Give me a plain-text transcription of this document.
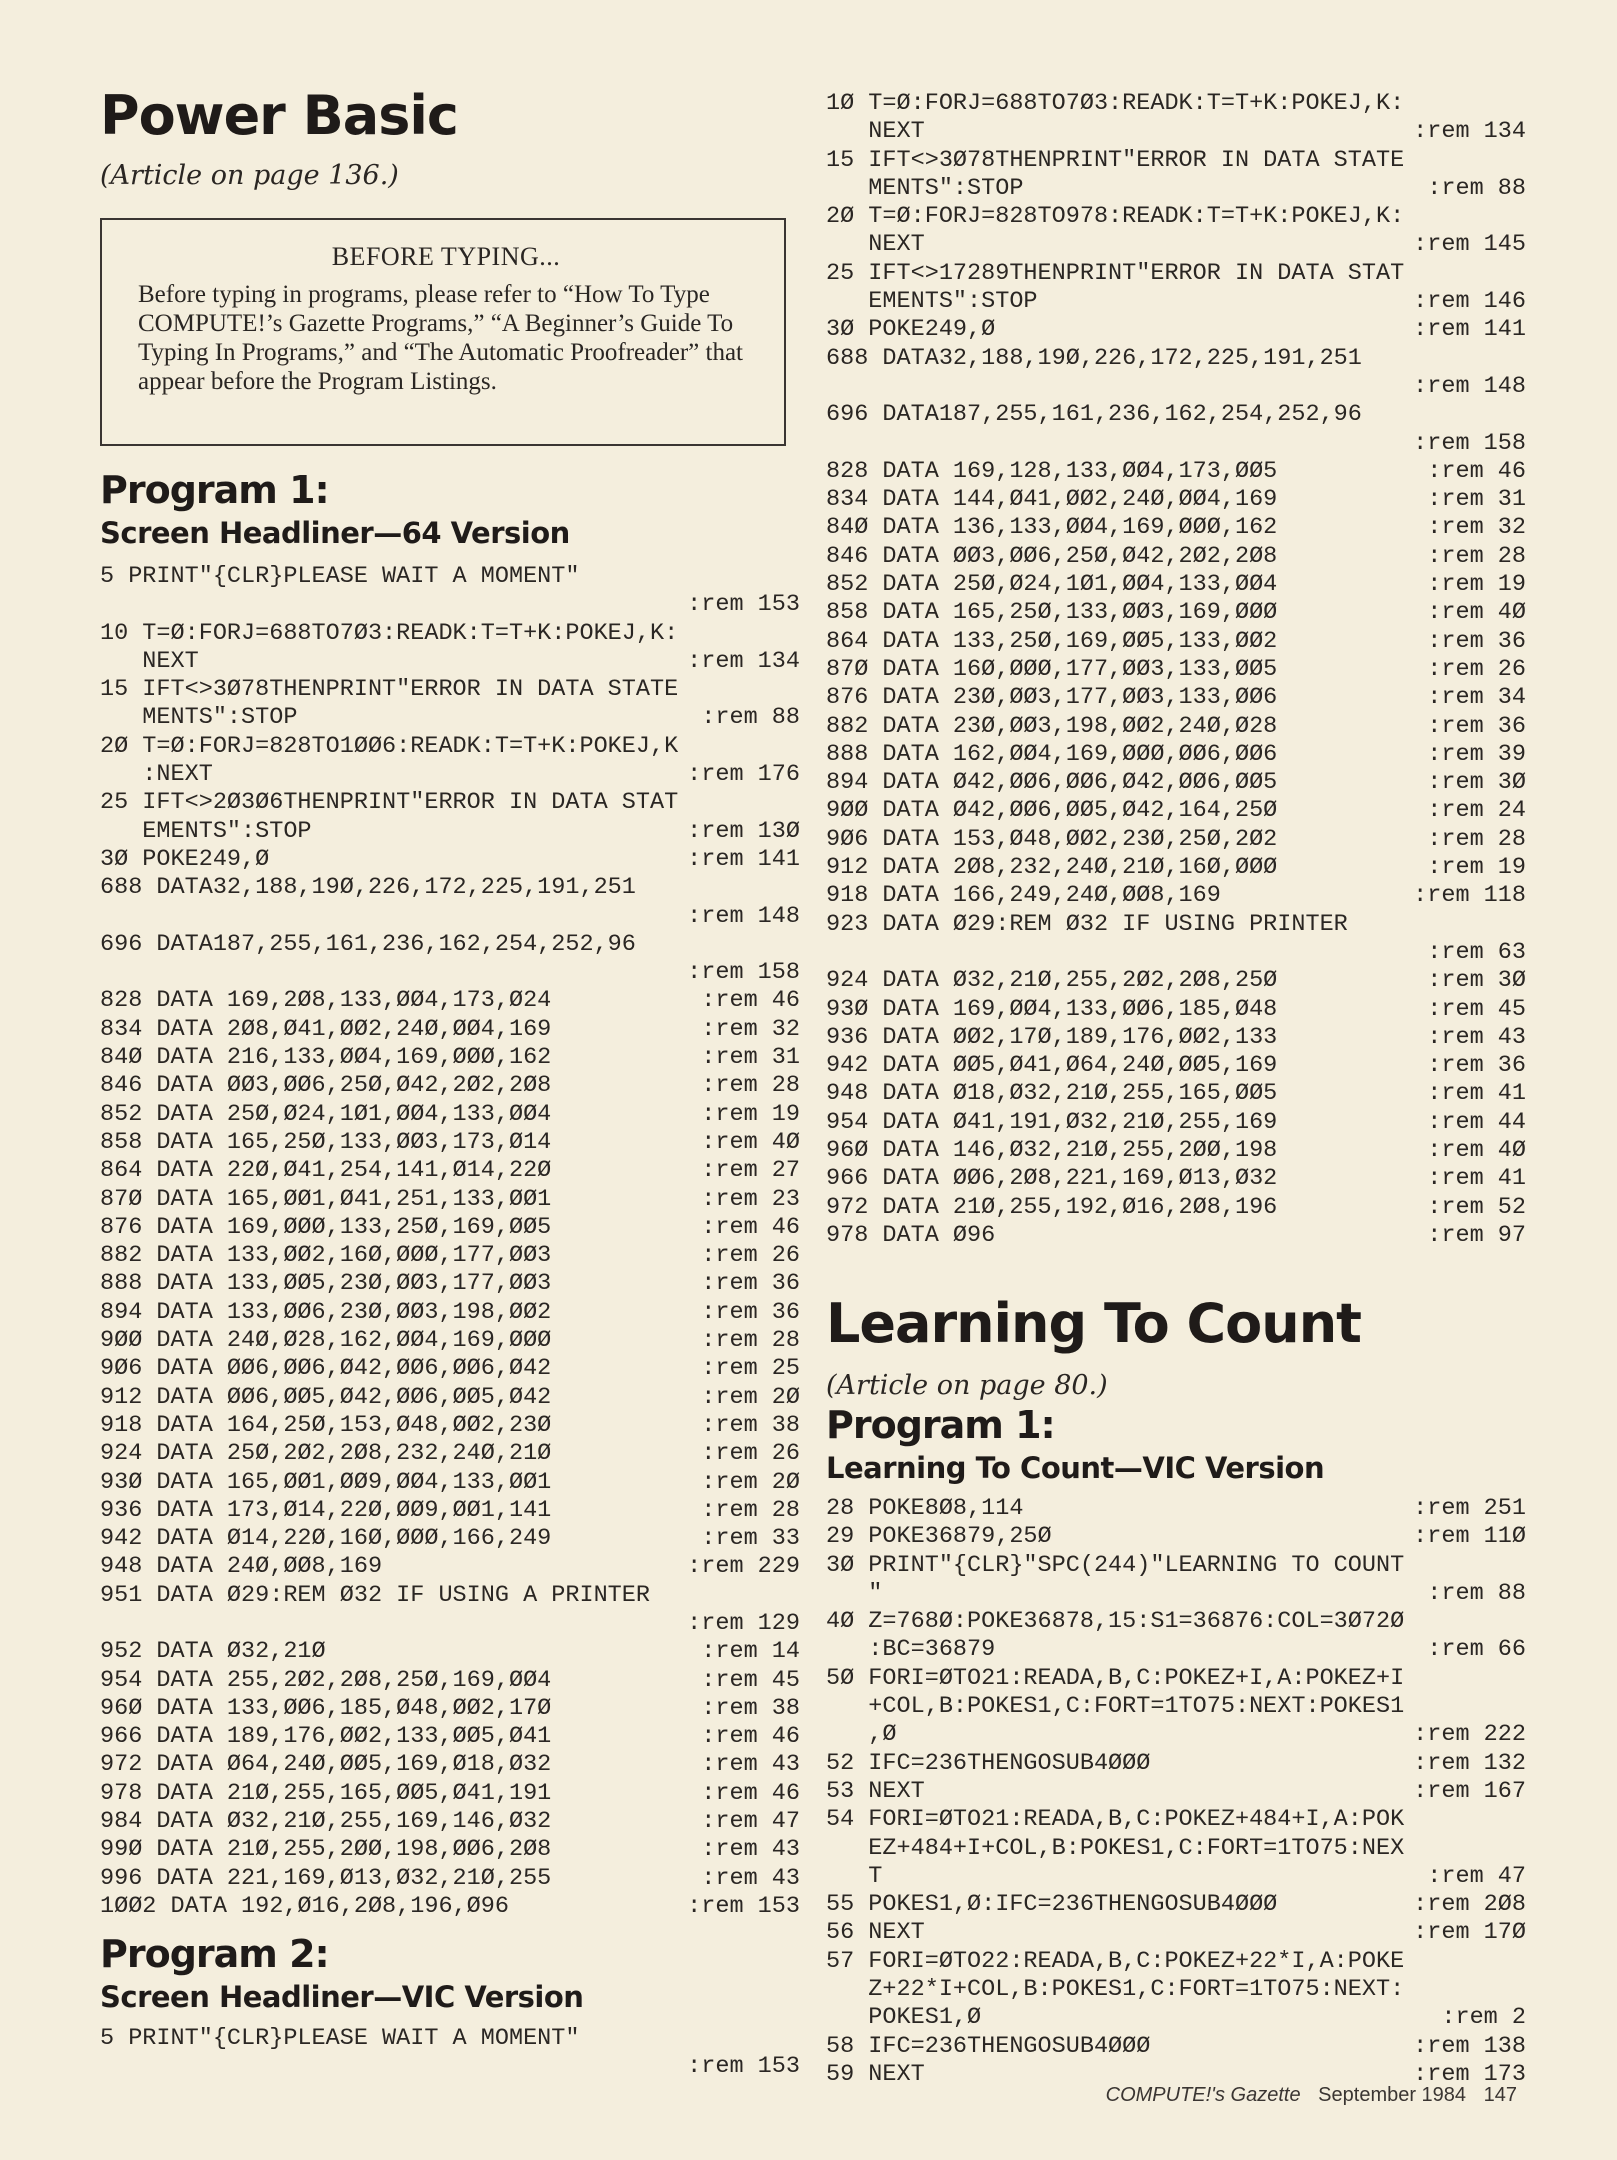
Power Basic

(Article on page 136.)

BEFORE TYPING...

Before typing in programs, please refer to “How To Type COMPUTE!’s Gazette Programs,” “A Beginner’s Guide To Typing In Programs,” and “The Automatic Proofreader” that appear before the Program Listings.

Program 1:
Screen Headliner—64 Version
5 PRINT"{CLR}PLEASE WAIT A MOMENT"
:rem 153
10 T=Ø:FORJ=688TO7Ø3:READK:T=T+K:POKEJ,K:
NEXT	:rem 134
15 IFT<>3Ø78THENPRINT"ERROR IN DATA STATE
MENTS":STOP	:rem 88
2Ø T=Ø:FORJ=828TO1ØØ6:READK:T=T+K:POKEJ,K
:NEXT	:rem 176
25 IFT<>2Ø3Ø6THENPRINT"ERROR IN DATA STAT
EMENTS":STOP	:rem 13Ø
3Ø POKE249,Ø	:rem 141
688 DATA32,188,19Ø,226,172,225,191,251
:rem 148
696 DATA187,255,161,236,162,254,252,96
:rem 158
828 DATA 169,2Ø8,133,ØØ4,173,Ø24	:rem 46
834 DATA 2Ø8,Ø41,ØØ2,24Ø,ØØ4,169	:rem 32
84Ø DATA 216,133,ØØ4,169,ØØØ,162	:rem 31
846 DATA ØØ3,ØØ6,25Ø,Ø42,2Ø2,2Ø8	:rem 28
852 DATA 25Ø,Ø24,1Ø1,ØØ4,133,ØØ4	:rem 19
858 DATA 165,25Ø,133,ØØ3,173,Ø14	:rem 4Ø
864 DATA 22Ø,Ø41,254,141,Ø14,22Ø	:rem 27
87Ø DATA 165,ØØ1,Ø41,251,133,ØØ1	:rem 23
876 DATA 169,ØØØ,133,25Ø,169,ØØ5	:rem 46
882 DATA 133,ØØ2,16Ø,ØØØ,177,ØØ3	:rem 26
888 DATA 133,ØØ5,23Ø,ØØ3,177,ØØ3	:rem 36
894 DATA 133,ØØ6,23Ø,ØØ3,198,ØØ2	:rem 36
9ØØ DATA 24Ø,Ø28,162,ØØ4,169,ØØØ	:rem 28
9Ø6 DATA ØØ6,ØØ6,Ø42,ØØ6,ØØ6,Ø42	:rem 25
912 DATA ØØ6,ØØ5,Ø42,ØØ6,ØØ5,Ø42	:rem 2Ø
918 DATA 164,25Ø,153,Ø48,ØØ2,23Ø	:rem 38
924 DATA 25Ø,2Ø2,2Ø8,232,24Ø,21Ø	:rem 26
93Ø DATA 165,ØØ1,ØØ9,ØØ4,133,ØØ1	:rem 2Ø
936 DATA 173,Ø14,22Ø,ØØ9,ØØ1,141	:rem 28
942 DATA Ø14,22Ø,16Ø,ØØØ,166,249	:rem 33
948 DATA 24Ø,ØØ8,169	:rem 229
951 DATA Ø29:REM Ø32 IF USING A PRINTER
:rem 129
952 DATA Ø32,21Ø	:rem 14
954 DATA 255,2Ø2,2Ø8,25Ø,169,ØØ4	:rem 45
96Ø DATA 133,ØØ6,185,Ø48,ØØ2,17Ø	:rem 38
966 DATA 189,176,ØØ2,133,ØØ5,Ø41	:rem 46
972 DATA Ø64,24Ø,ØØ5,169,Ø18,Ø32	:rem 43
978 DATA 21Ø,255,165,ØØ5,Ø41,191	:rem 46
984 DATA Ø32,21Ø,255,169,146,Ø32	:rem 47
99Ø DATA 21Ø,255,2ØØ,198,ØØ6,2Ø8	:rem 43
996 DATA 221,169,Ø13,Ø32,21Ø,255	:rem 43
1ØØ2 DATA 192,Ø16,2Ø8,196,Ø96	:rem 153
Program 2:
Screen Headliner—VIC Version
5 PRINT"{CLR}PLEASE WAIT A MOMENT"
:rem 153
1Ø T=Ø:FORJ=688TO7Ø3:READK:T=T+K:POKEJ,K:
NEXT	:rem 134
15 IFT<>3Ø78THENPRINT"ERROR IN DATA STATE
MENTS":STOP	:rem 88
2Ø T=Ø:FORJ=828TO978:READK:T=T+K:POKEJ,K:
NEXT	:rem 145
25 IFT<>17289THENPRINT"ERROR IN DATA STAT
EMENTS":STOP	:rem 146
3Ø POKE249,Ø	:rem 141
688 DATA32,188,19Ø,226,172,225,191,251
:rem 148
696 DATA187,255,161,236,162,254,252,96
:rem 158
828 DATA 169,128,133,ØØ4,173,ØØ5	:rem 46
834 DATA 144,Ø41,ØØ2,24Ø,ØØ4,169	:rem 31
84Ø DATA 136,133,ØØ4,169,ØØØ,162	:rem 32
846 DATA ØØ3,ØØ6,25Ø,Ø42,2Ø2,2Ø8	:rem 28
852 DATA 25Ø,Ø24,1Ø1,ØØ4,133,ØØ4	:rem 19
858 DATA 165,25Ø,133,ØØ3,169,ØØØ	:rem 4Ø
864 DATA 133,25Ø,169,ØØ5,133,ØØ2	:rem 36
87Ø DATA 16Ø,ØØØ,177,ØØ3,133,ØØ5	:rem 26
876 DATA 23Ø,ØØ3,177,ØØ3,133,ØØ6	:rem 34
882 DATA 23Ø,ØØ3,198,ØØ2,24Ø,Ø28	:rem 36
888 DATA 162,ØØ4,169,ØØØ,ØØ6,ØØ6	:rem 39
894 DATA Ø42,ØØ6,ØØ6,Ø42,ØØ6,ØØ5	:rem 3Ø
9ØØ DATA Ø42,ØØ6,ØØ5,Ø42,164,25Ø	:rem 24
9Ø6 DATA 153,Ø48,ØØ2,23Ø,25Ø,2Ø2	:rem 28
912 DATA 2Ø8,232,24Ø,21Ø,16Ø,ØØØ	:rem 19
918 DATA 166,249,24Ø,ØØ8,169	:rem 118
923 DATA Ø29:REM Ø32 IF USING PRINTER
:rem 63
924 DATA Ø32,21Ø,255,2Ø2,2Ø8,25Ø	:rem 3Ø
93Ø DATA 169,ØØ4,133,ØØ6,185,Ø48	:rem 45
936 DATA ØØ2,17Ø,189,176,ØØ2,133	:rem 43
942 DATA ØØ5,Ø41,Ø64,24Ø,ØØ5,169	:rem 36
948 DATA Ø18,Ø32,21Ø,255,165,ØØ5	:rem 41
954 DATA Ø41,191,Ø32,21Ø,255,169	:rem 44
96Ø DATA 146,Ø32,21Ø,255,2ØØ,198	:rem 4Ø
966 DATA ØØ6,2Ø8,221,169,Ø13,Ø32	:rem 41
972 DATA 21Ø,255,192,Ø16,2Ø8,196	:rem 52
978 DATA Ø96	:rem 97
Learning To Count

(Article on page 80.)

Program 1:
Learning To Count—VIC Version
28 POKE8Ø8,114	:rem 251
29 POKE36879,25Ø	:rem 11Ø
3Ø PRINT"{CLR}"SPC(244)"LEARNING TO COUNT
"	:rem 88
4Ø Z=768Ø:POKE36878,15:S1=36876:COL=3Ø72Ø
:BC=36879	:rem 66
5Ø FORI=ØTO21:READA,B,C:POKEZ+I,A:POKEZ+I
+COL,B:POKES1,C:FORT=1TO75:NEXT:POKES1
,Ø	:rem 222
52 IFC=236THENGOSUB4ØØØ	:rem 132
53 NEXT	:rem 167
54 FORI=ØTO21:READA,B,C:POKEZ+484+I,A:POK
EZ+484+I+COL,B:POKES1,C:FORT=1TO75:NEX
T	:rem 47
55 POKES1,Ø:IFC=236THENGOSUB4ØØØ	:rem 2Ø8
56 NEXT	:rem 17Ø
57 FORI=ØTO22:READA,B,C:POKEZ+22*I,A:POKE
Z+22*I+COL,B:POKES1,C:FORT=1TO75:NEXT:
POKES1,Ø	:rem 2
58 IFC=236THENGOSUB4ØØØ	:rem 138
59 NEXT	:rem 173
COMPUTE!'s Gazette September 1984 147
